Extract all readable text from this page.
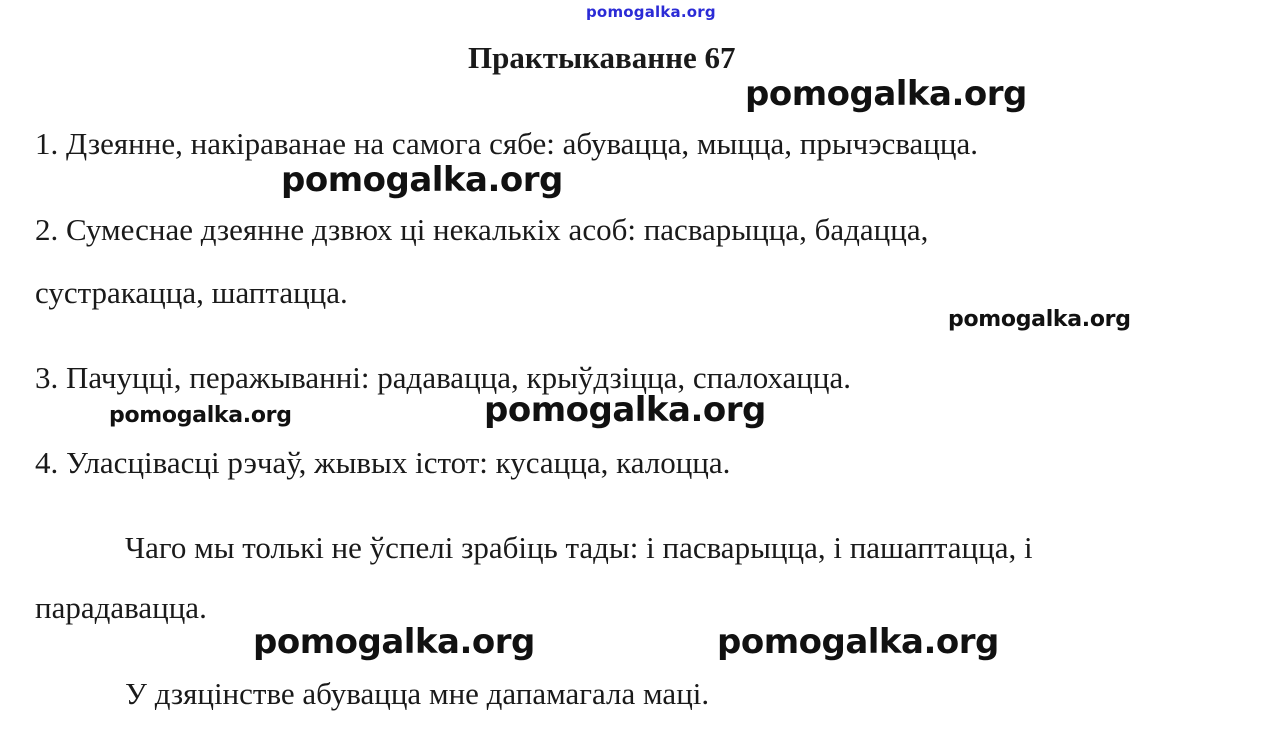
pomogalka.org
Практыкаванне 67
pomogalka.org
1. Дзеянне, накіраванае на самога сябе: абувацца, мыцца, прычэсвацца.
pomogalka.org
2. Сумеснае дзеянне дзвюх ці некалькіх асоб: пасварыцца, бадацца,
сустракацца, шаптацца.
pomogalka.org
3. Пачуцці, перажыванні: радавацца, крыўдзіцца, спалохацца.
pomogalka.org	pomogalka.org
4. Уласцівасці рэчаў, жывых істот: кусацца, калоцца.
Чаго мы толькі не ўспелі зрабіць тады: і пасварыцца, і пашаптацца, і
парадавацца.
pomogalka.org	pomogalka.org
У дзяцінстве абувацца мне дапамагала маці.
